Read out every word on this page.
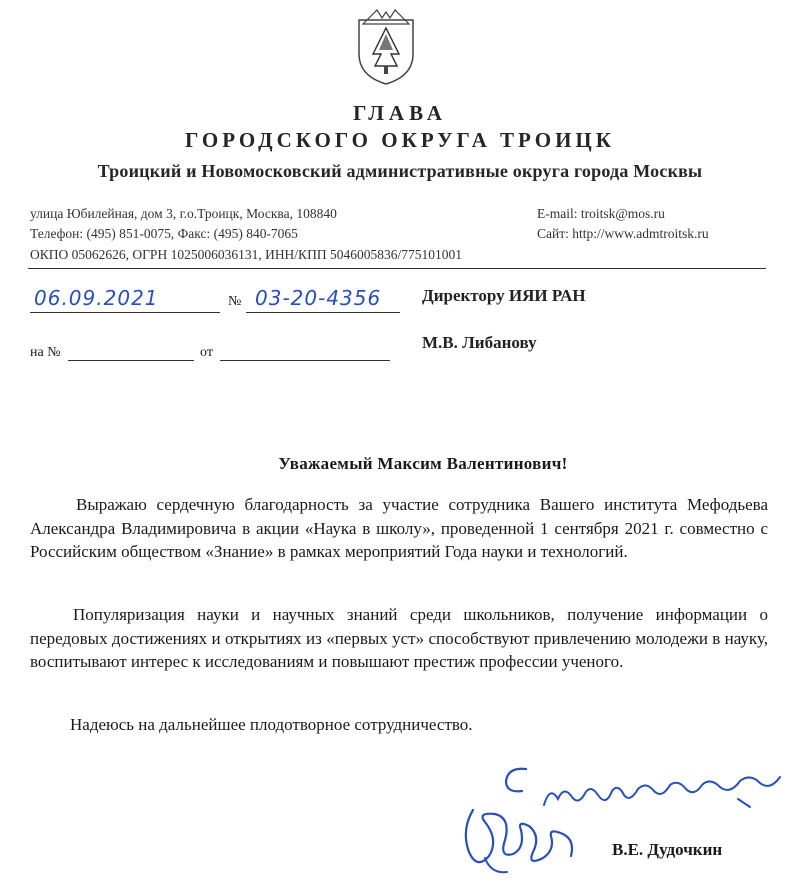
ГЛАВА
ГОРОДСКОГО ОКРУГА ТРОИЦК
Троицкий и Новомосковский административные округа города Москвы
улица Юбилейная, дом 3, г.о.Троицк, Москва, 108840
Телефон: (495) 851-0075, Факс: (495) 840-7065
ОКПО 05062626, ОГРН 1025006036131, ИНН/КПП 5046005836/775101001
E-mail: troitsk@mos.ru
Сайт: http://www.admtroitsk.ru
06.09.2021	№ 03-20-4356
на №	от
Директору ИЯИ РАН
М.В. Либанову
Уважаемый Максим Валентинович!
Выражаю сердечную благодарность за участие сотрудника Вашего института Мефодьева Александра Владимировича в акции «Наука в школу», проведенной 1 сентября 2021 г. совместно с Российским обществом «Знание» в рамках мероприятий Года науки и технологий.
Популяризация науки и научных знаний среди школьников, получение информации о передовых достижениях и открытиях из «первых уст» способствуют привлечению молодежи в науку, воспитывают интерес к исследованиям и повышают престиж профессии ученого.
Надеюсь на дальнейшее плодотворное сотрудничество.
В.Е. Дудочкин
